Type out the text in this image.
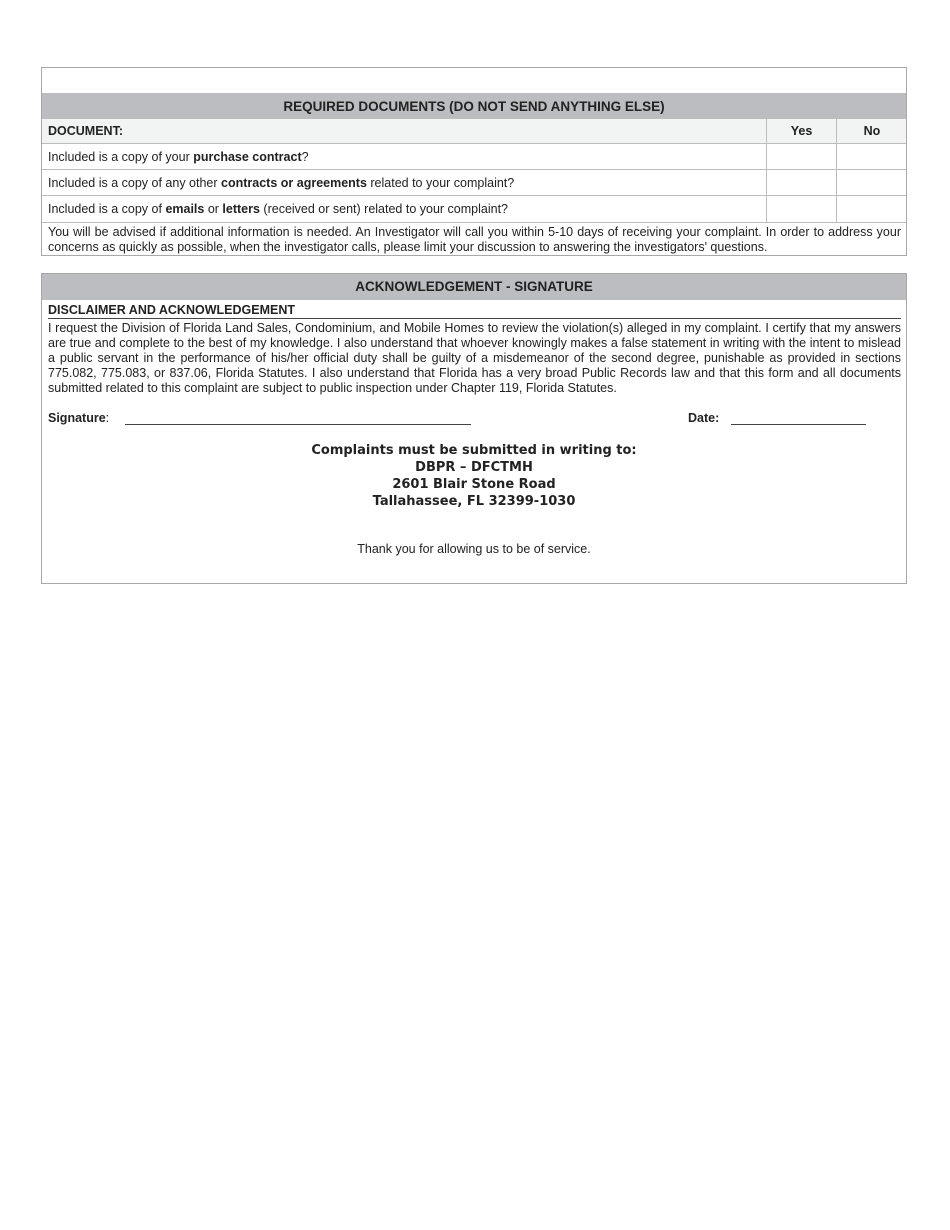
REQUIRED DOCUMENTS (DO NOT SEND ANYTHING ELSE)
DOCUMENT:	Yes	No
Included is a copy of your purchase contract?
Included is a copy of any other contracts or agreements related to your complaint?
Included is a copy of emails or letters (received or sent) related to your complaint?
You will be advised if additional information is needed. An Investigator will call you within 5-10 days of receiving your complaint. In order to address your concerns as quickly as possible, when the investigator calls, please limit your discussion to answering the investigators' questions.
ACKNOWLEDGEMENT - SIGNATURE
DISCLAIMER AND ACKNOWLEDGEMENT
I request the Division of Florida Land Sales, Condominium, and Mobile Homes to review the violation(s) alleged in my complaint. I certify that my answers are true and complete to the best of my knowledge. I also understand that whoever knowingly makes a false statement in writing with the intent to mislead a public servant in the performance of his/her official duty shall be guilty of a misdemeanor of the second degree, punishable as provided in sections 775.082, 775.083, or 837.06, Florida Statutes. I also understand that Florida has a very broad Public Records law and that this form and all documents submitted related to this complaint are subject to public inspection under Chapter 119, Florida Statutes.
Signature:	Date:
Complaints must be submitted in writing to:
DBPR – DFCTMH
2601 Blair Stone Road
Tallahassee, FL 32399-1030
Thank you for allowing us to be of service.
